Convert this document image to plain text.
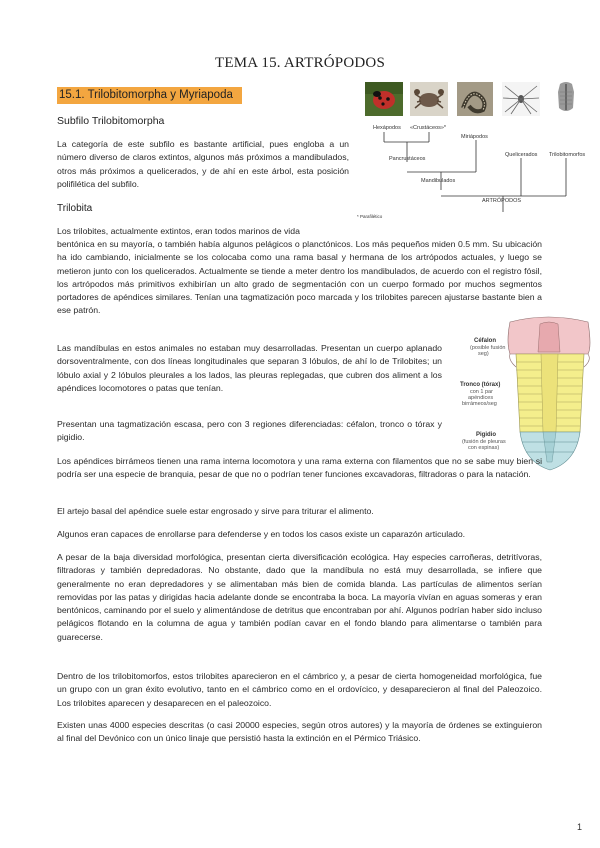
TEMA 15. ARTRÓPODOS
15.1. Trilobitomorpha y Myriapoda
Subfilo Trilobitomorpha
La categoría de este subfilo es bastante artificial, pues engloba a un número diverso de claros extintos, algunos más próximos a mandibulados, otros más próximos a quelicerados, y de ahí en este árbol, esta posición polifilética del subfilo.
Trilobita
Hexápodos «Crustáceos»*
Miriápodos
Quelicerados Trilobitomorfos
Pancrustáceos
Mandibulados
ARTRÓPODOS
* Parafilético
Los trilobites, actualmente extintos, eran todos marinos de vida
bentónica en su mayoría, o también había algunos pelágicos o planctónicos. Los más pequeños miden 0.5 mm. Su ubicación ha ido cambiando, inicialmente se los colocaba como una rama basal y hermana de los artrópodos actuales, y luego se metieron junto con los quelicerados. Actualmente se tiende a meter dentro los mandibulados, de acuerdo con el registro fósil, los artrópodos más primitivos exhibirían un alto grado de segmentación con un cuerpo formado por muchos segmentos portadores de apéndices similares. Tenían una tagmatización poco marcada y los trilobites parecen ajustarse bastante bien a ese patrón.
Las mandíbulas en estos animales no estaban muy desarrolladas. Presentan un cuerpo aplanado dorsoventralmente, con dos líneas longitudinales que separan 3 lóbulos, de ahí lo de Trilobites; un lóbulo axial y 2 lóbulos pleurales a los lados, las pleuras replegadas, que cubren dos aliment a los apéndices locomotores o patas que tenían.
Presentan una tagmatización escasa, pero con 3 regiones diferenciadas: céfalon, tronco o tórax y pigidio.
Céfalon
(posible fusión
seg)
Tronco (tórax)
con 1 par
apéndices
birrámeos/seg
Pigidio
(fusión de pleuras
con espinas)
Los apéndices birrámeos tienen una rama interna locomotora y una rama externa con filamentos que no se sabe muy bien si podría ser una especie de branquia, pesar de que no o podrían tener funciones excavadoras, filtradoras o para la natación.
El artejo basal del apéndice suele estar engrosado y sirve para triturar el alimento.
Algunos eran capaces de enrollarse para defenderse y en todos los casos existe un caparazón articulado.
A pesar de la baja diversidad morfológica, presentan cierta diversificación ecológica. Hay especies carroñeras, detritívoras, filtradoras y también depredadoras. No obstante, dado que la mandíbula no está muy desarrollada, se infiere que generalmente no eran depredadores y se alimentaban más bien de comida blanda. Las partículas de alimentos serían removidas por las patas y dirigidas hacia adelante donde se encontraba la boca. La mayoría vivían en aguas someras y eran bentónicos, caminando por el suelo y alimentándose de detritus que encontraban por ahí. Algunos podrían haber sido incluso pelágicos flotando en la columna de agua y también podían cavar en el fondo blando para alimentarse o también para guarecerse.
Dentro de los trilobitomorfos, estos trilobites aparecieron en el cámbrico y, a pesar de cierta homogeneidad morfológica, fue un grupo con un gran éxito evolutivo, tanto en el cámbrico como en el ordovícico, y desaparecieron al final del Paleozoico. Los trilobites aparecen y desaparecen en el paleozoico.
Existen unas 4000 especies descritas (o casi 20000 especies, según otros autores) y la mayoría de órdenes se extinguieron al final del Devónico con un único linaje que persistió hasta la extinción en el Pérmico Triásico.
1
